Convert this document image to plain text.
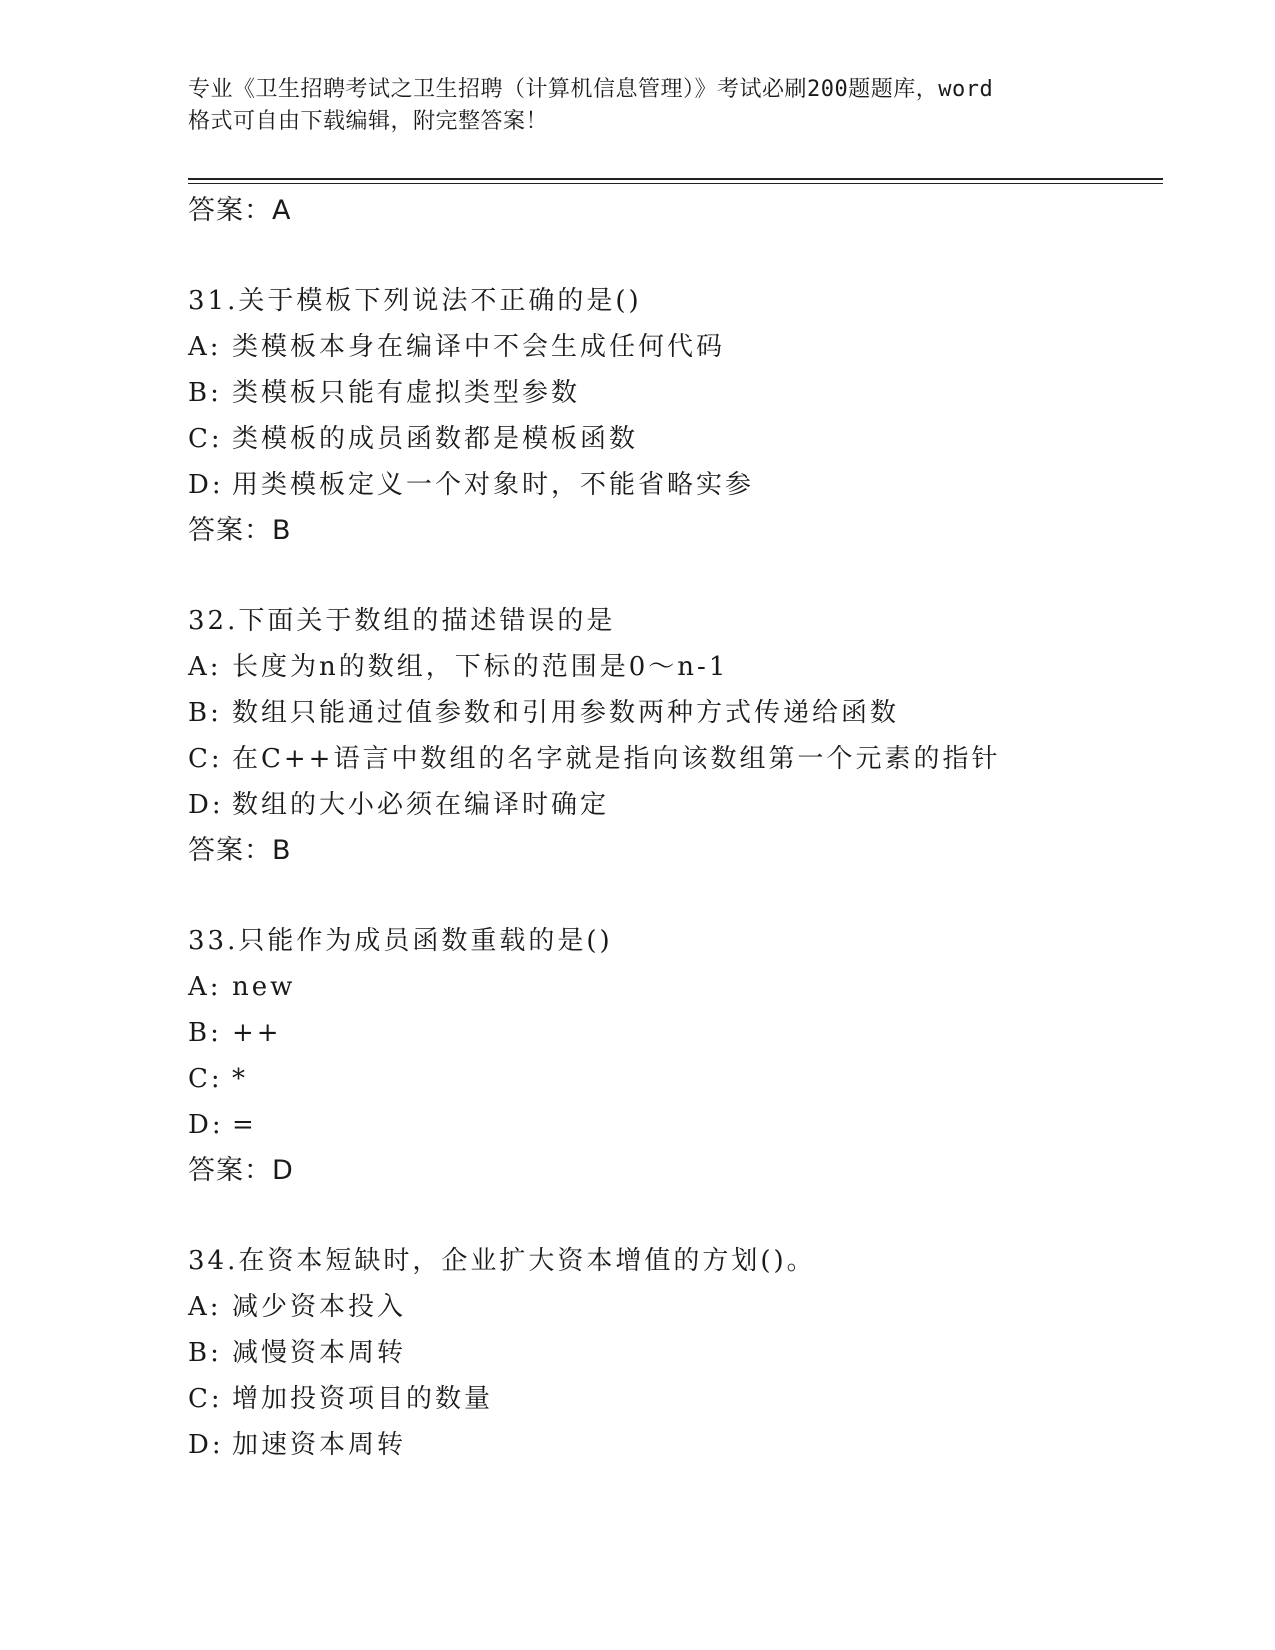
专业《卫生招聘考试之卫生招聘（计算机信息管理）》考试必刷200题题库，word
格式可自由下载编辑，附完整答案！
答案：A
31.关于模板下列说法不正确的是()
A: 类模板本身在编译中不会生成任何代码
B: 类模板只能有虚拟类型参数
C: 类模板的成员函数都是模板函数
D: 用类模板定义一个对象时，不能省略实参
答案：B
32.下面关于数组的描述错误的是
A: 长度为n的数组，下标的范围是0～n-1
B: 数组只能通过值参数和引用参数两种方式传递给函数
C: 在C++语言中数组的名字就是指向该数组第一个元素的指针
D: 数组的大小必须在编译时确定
答案：B
33.只能作为成员函数重载的是()
A: new
B: ++
C: *
D: =
答案：D
34.在资本短缺时，企业扩大资本增值的方划()。
A: 减少资本投入
B: 减慢资本周转
C: 增加投资项目的数量
D: 加速资本周转
